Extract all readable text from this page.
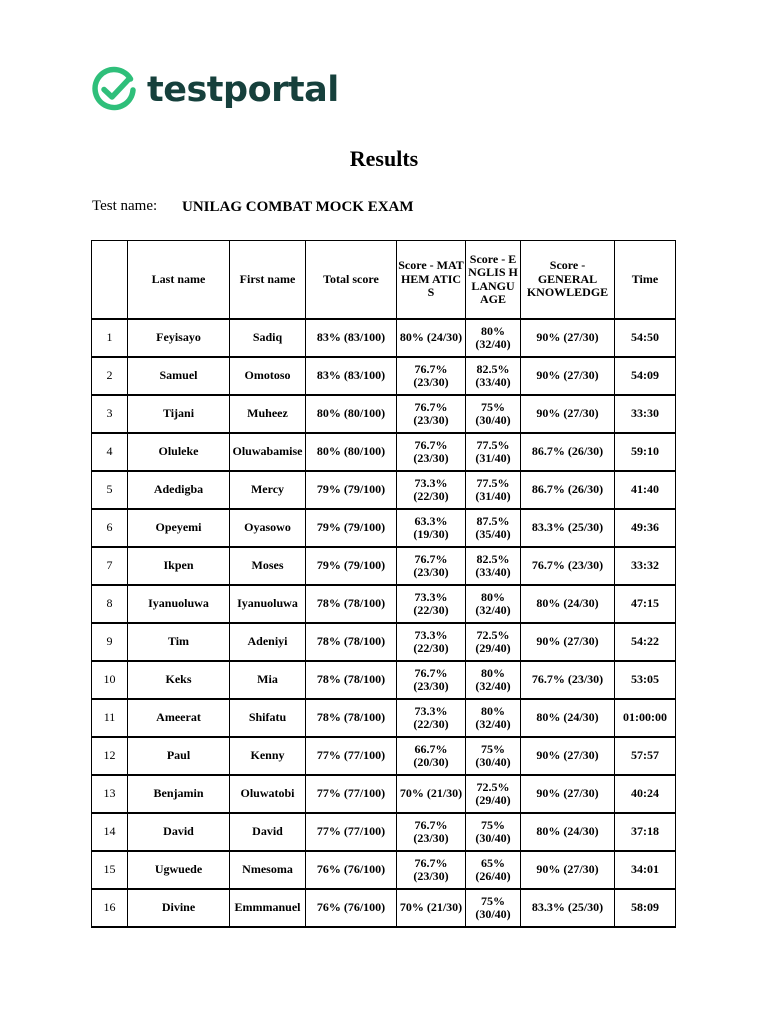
testportal
Results
Test name: UNILAG COMBAT MOCK EXAM
	Last name	First name	Total score	Score - MATHEM ATICS	Score - ENGLIS H LANGU AGE	Score - GENERAL KNOWLEDGE	Time
1	Feyisayo	Sadiq	83% (83/100)	80% (24/30)	80% (32/40)	90% (27/30)	54:50
2	Samuel	Omotoso	83% (83/100)	76.7% (23/30)	82.5% (33/40)	90% (27/30)	54:09
3	Tijani	Muheez	80% (80/100)	76.7% (23/30)	75% (30/40)	90% (27/30)	33:30
4	Oluleke	Oluwabamise	80% (80/100)	76.7% (23/30)	77.5% (31/40)	86.7% (26/30)	59:10
5	Adedigba	Mercy	79% (79/100)	73.3% (22/30)	77.5% (31/40)	86.7% (26/30)	41:40
6	Opeyemi	Oyasowo	79% (79/100)	63.3% (19/30)	87.5% (35/40)	83.3% (25/30)	49:36
7	Ikpen	Moses	79% (79/100)	76.7% (23/30)	82.5% (33/40)	76.7% (23/30)	33:32
8	Iyanuoluwa	Iyanuoluwa	78% (78/100)	73.3% (22/30)	80% (32/40)	80% (24/30)	47:15
9	Tim	Adeniyi	78% (78/100)	73.3% (22/30)	72.5% (29/40)	90% (27/30)	54:22
10	Keks	Mia	78% (78/100)	76.7% (23/30)	80% (32/40)	76.7% (23/30)	53:05
11	Ameerat	Shifatu	78% (78/100)	73.3% (22/30)	80% (32/40)	80% (24/30)	01:00:00
12	Paul	Kenny	77% (77/100)	66.7% (20/30)	75% (30/40)	90% (27/30)	57:57
13	Benjamin	Oluwatobi	77% (77/100)	70% (21/30)	72.5% (29/40)	90% (27/30)	40:24
14	David	David	77% (77/100)	76.7% (23/30)	75% (30/40)	80% (24/30)	37:18
15	Ugwuede	Nmesoma	76% (76/100)	76.7% (23/30)	65% (26/40)	90% (27/30)	34:01
16	Divine	Emmmanuel	76% (76/100)	70% (21/30)	75% (30/40)	83.3% (25/30)	58:09
